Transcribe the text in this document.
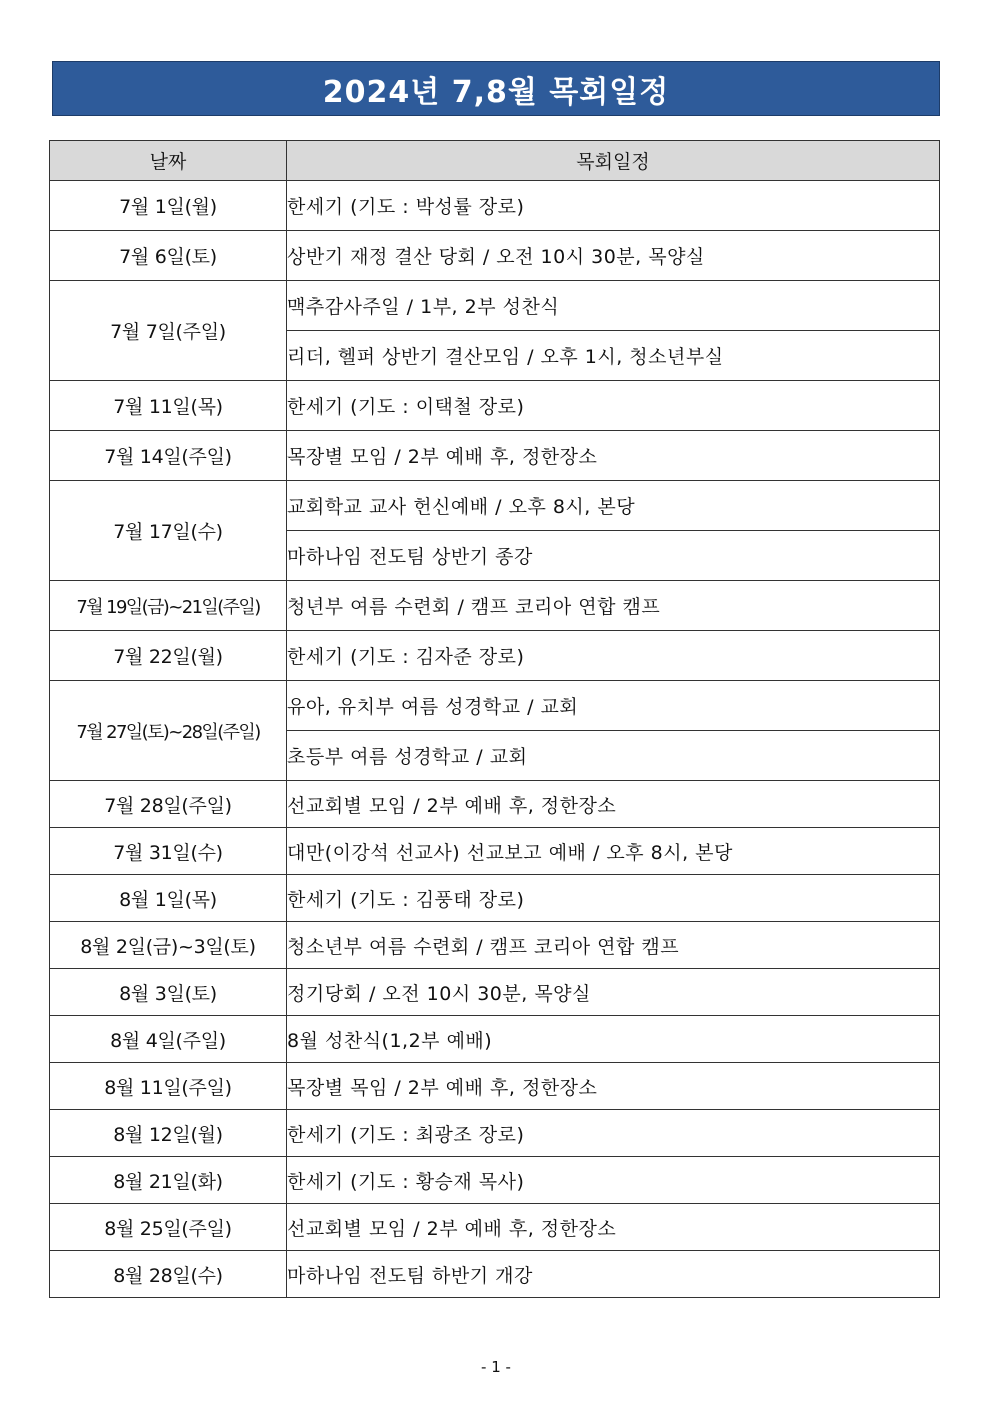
2024년 7,8월 목회일정
날짜	목회일정
7월 1일(월)	한세기 (기도 : 박성률 장로)
7월 6일(토)	상반기 재정 결산 당회 / 오전 10시 30분, 목양실
7월 7일(주일)	맥추감사주일 / 1부, 2부 성찬식
	리더, 헬퍼 상반기 결산모임 / 오후 1시, 청소년부실
7월 11일(목)	한세기 (기도 : 이택철 장로)
7월 14일(주일)	목장별 모임 / 2부 예배 후, 정한장소
7월 17일(수)	교회학교 교사 헌신예배 / 오후 8시, 본당
	마하나임 전도팀 상반기 종강
7월 19일(금)~21일(주일)	청년부 여름 수련회 / 캠프 코리아 연합 캠프
7월 22일(월)	한세기 (기도 : 김자준 장로)
7월 27일(토)~28일(주일)	유아, 유치부 여름 성경학교 / 교회
	초등부 여름 성경학교 / 교회
7월 28일(주일)	선교회별 모임 / 2부 예배 후, 정한장소
7월 31일(수)	대만(이강석 선교사) 선교보고 예배 / 오후 8시, 본당
8월 1일(목)	한세기 (기도 : 김풍태 장로)
8월 2일(금)~3일(토)	청소년부 여름 수련회 / 캠프 코리아 연합 캠프
8월 3일(토)	정기당회 / 오전 10시 30분, 목양실
8월 4일(주일)	8월 성찬식(1,2부 예배)
8월 11일(주일)	목장별 목임 / 2부 예배 후, 정한장소
8월 12일(월)	한세기 (기도 : 최광조 장로)
8월 21일(화)	한세기 (기도 : 황승재 목사)
8월 25일(주일)	선교회별 모임 / 2부 예배 후, 정한장소
8월 28일(수)	마하나임 전도팀 하반기 개강
- 1 -
